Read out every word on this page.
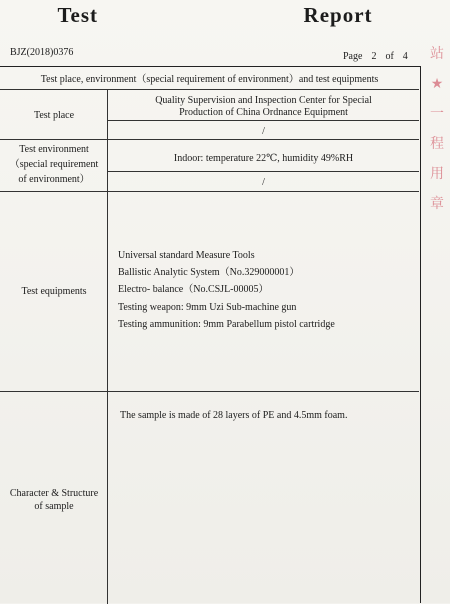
Test      Report
BJZ(2018)0376	Page  2  of  4
Test place, environment（special requirement of environment）and test equipments
Test place
Quality Supervision and Inspection Center for Special
Production of China Ordnance Equipment
/
Test environment
（special requirement
of environment）
Indoor: temperature 22℃, humidity 49%RH
/
Test equipments
Universal standard Measure Tools
Ballistic Analytic System（No.329000001）
Electro- balance（No.CSJL-00005）
Testing weapon: 9mm Uzi Sub-machine gun
Testing ammunition: 9mm Parabellum pistol cartridge
Character & Structure
of sample
The sample is made of 28 layers of PE and 4.5mm foam.
站
★
一
程
用
章
